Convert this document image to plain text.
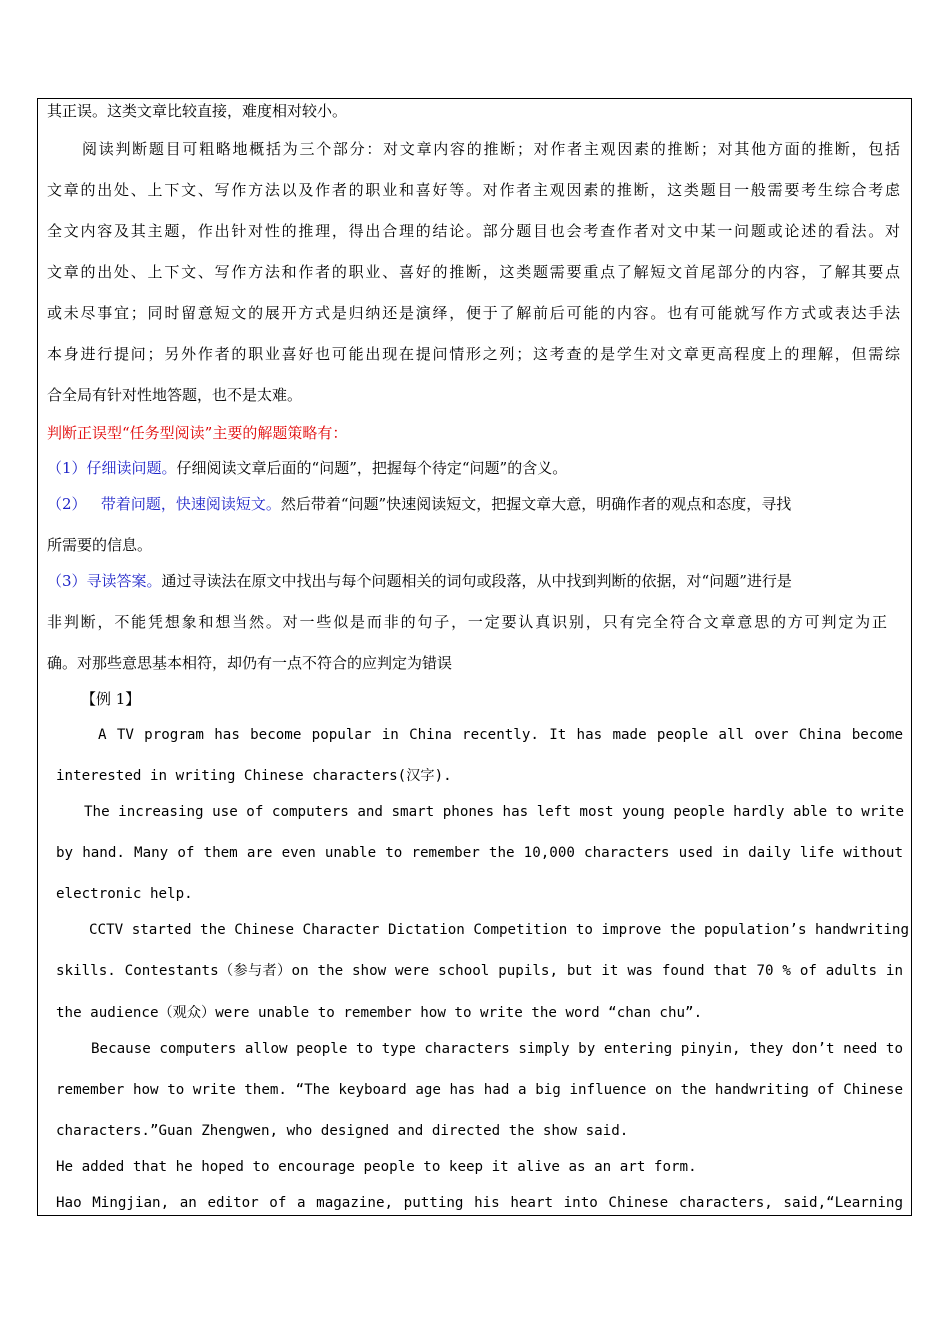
其正误。这类文章比较直接，难度相对较小。
阅读判断题目可粗略地概括为三个部分：对文章内容的推断；对作者主观因素的推断；对其他方面的推断，包括
文章的出处、上下文、写作方法以及作者的职业和喜好等。对作者主观因素的推断，这类题目一般需要考生综合考虑
全文内容及其主题，作出针对性的推理，得出合理的结论。部分题目也会考查作者对文中某一问题或论述的看法。对
文章的出处、上下文、写作方法和作者的职业、喜好的推断，这类题需要重点了解短文首尾部分的内容，了解其要点
或未尽事宜；同时留意短文的展开方式是归纳还是演绎，便于了解前后可能的内容。也有可能就写作方式或表达手法
本身进行提问；另外作者的职业喜好也可能出现在提问情形之列；这考查的是学生对文章更高程度上的理解，但需综
合全局有针对性地答题，也不是太难。
判断正误型“任务型阅读”主要的解题策略有：
（1）仔细读问题。仔细阅读文章后面的“问题”，把握每个待定“问题”的含义。
（2）   带着问题，快速阅读短文。然后带着“问题”快速阅读短文，把握文章大意，明确作者的观点和态度，寻找
所需要的信息。
（3）寻读答案。通过寻读法在原文中找出与每个问题相关的词句或段落，从中找到判断的依据，对“问题”进行是
非判断，不能凭想象和想当然。对一些似是而非的句子，一定要认真识别，只有完全符合文章意思的方可判定为正
确。对那些意思基本相符，却仍有一点不符合的应判定为错误
【例 1】
A TV program has become popular in China recently. It has made people all over China become
interested in writing Chinese characters(汉字).
The increasing use of computers and smart phones has left most young people hardly able to write
by hand. Many of them are even unable to remember the 10,000 characters used in daily life without
electronic help.
CCTV started the Chinese Character Dictation Competition to improve the population’s handwriting
skills. Contestants（参与者）on the show were school pupils, but it was found that 70 % of adults in
the audience（观众）were unable to remember how to write the word “chan chu”.
Because computers allow people to type characters simply by entering pinyin, they don’t need to
remember how to write them. “The keyboard age has had a big influence on the handwriting of Chinese
characters.”Guan Zhengwen, who designed and directed the show said.
He added that he hoped to encourage people to keep it alive as an art form.
Hao Mingjian, an editor of a magazine, putting his heart into Chinese characters, said,“Learning
